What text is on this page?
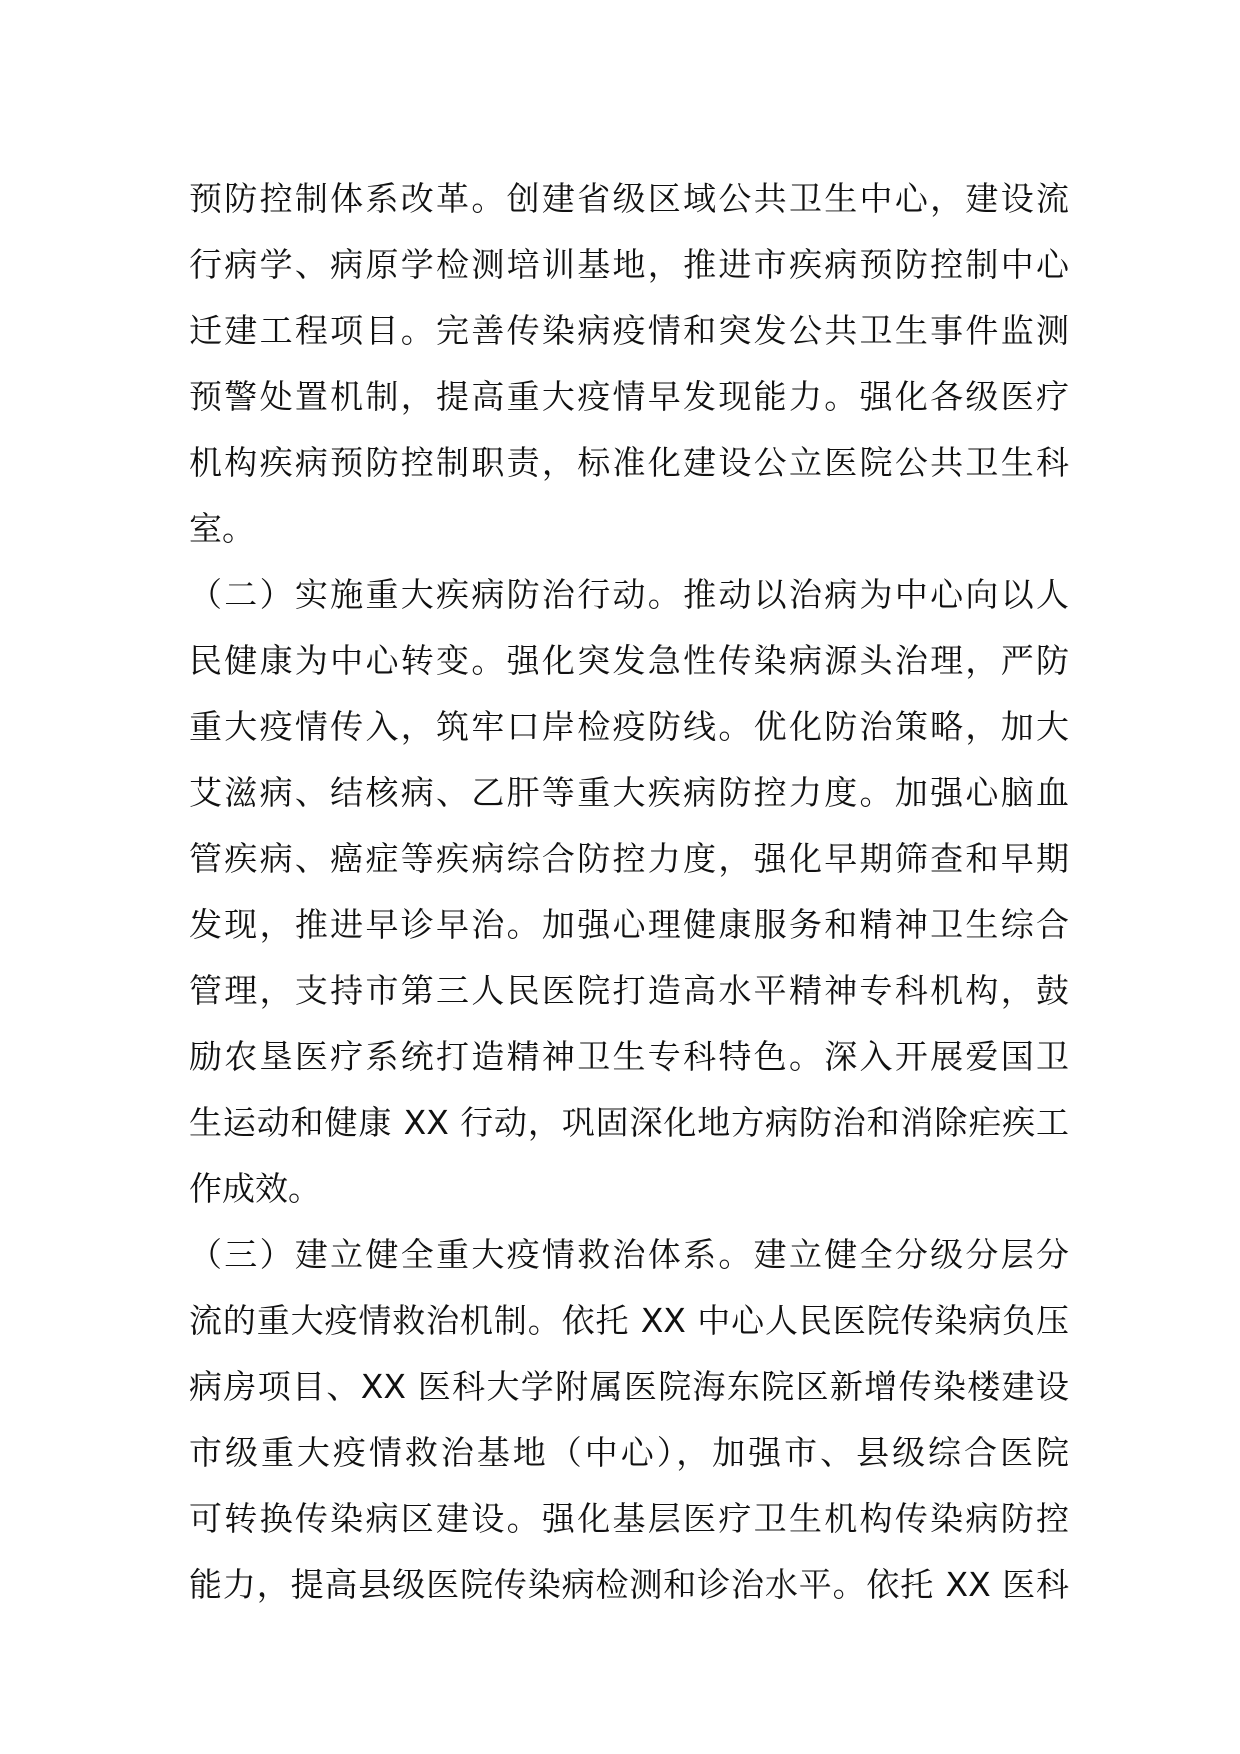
预防控制体系改革。创建省级区域公共卫生中心，建设流
行病学、病原学检测培训基地，推进市疾病预防控制中心
迁建工程项目。完善传染病疫情和突发公共卫生事件监测
预警处置机制，提高重大疫情早发现能力。强化各级医疗
机构疾病预防控制职责，标准化建设公立医院公共卫生科
室。
（二）实施重大疾病防治行动。推动以治病为中心向以人
民健康为中心转变。强化突发急性传染病源头治理，严防
重大疫情传入，筑牢口岸检疫防线。优化防治策略，加大
艾滋病、结核病、乙肝等重大疾病防控力度。加强心脑血
管疾病、癌症等疾病综合防控力度，强化早期筛查和早期
发现，推进早诊早治。加强心理健康服务和精神卫生综合
管理，支持市第三人民医院打造高水平精神专科机构，鼓
励农垦医疗系统打造精神卫生专科特色。深入开展爱国卫
生运动和健康 XX 行动，巩固深化地方病防治和消除疟疾工
作成效。
（三）建立健全重大疫情救治体系。建立健全分级分层分
流的重大疫情救治机制。依托 XX 中心人民医院传染病负压
病房项目、XX 医科大学附属医院海东院区新增传染楼建设
市级重大疫情救治基地（中心），加强市、县级综合医院
可转换传染病区建设。强化基层医疗卫生机构传染病防控
能力，提高县级医院传染病检测和诊治水平。依托 XX 医科
